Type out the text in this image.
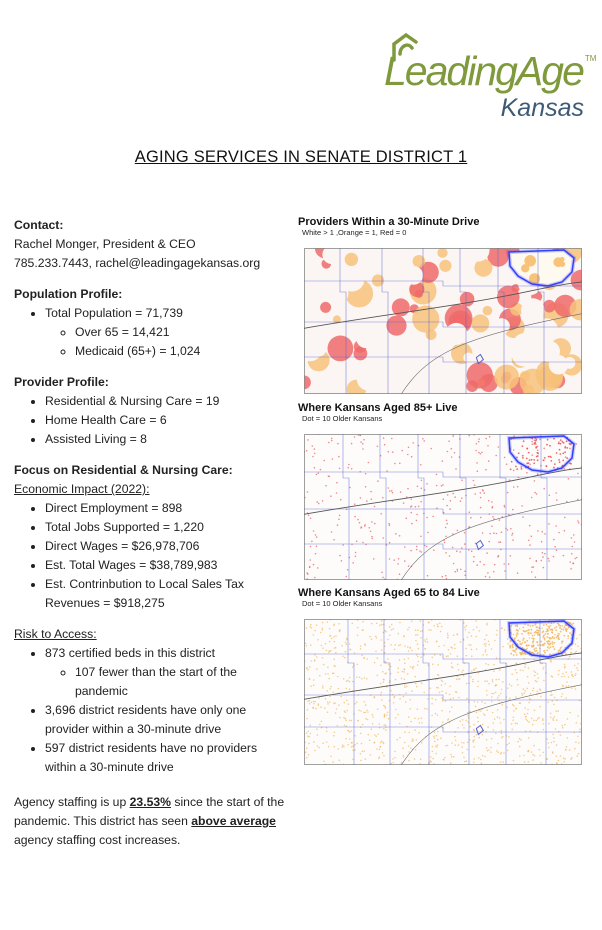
LeadingAge ™
Kansas
AGING SERVICES IN SENATE DISTRICT 1
Contact:
Rachel Monger, President & CEO
785.233.7443, rachel@leadingagekansas.org
Population Profile:
• Total Population = 71,739
◦ Over 65 = 14,421
◦ Medicaid (65+) = 1,024
Provider Profile:
• Residential & Nursing Care = 19
• Home Health Care = 6
• Assisted Living = 8
Focus on Residential & Nursing Care:
Economic Impact (2022):
• Direct Employment = 898
• Total Jobs Supported = 1,220
• Direct Wages = $26,978,706
• Est. Total Wages = $38,789,983
• Est. Contrinbution to Local Sales Tax Revenues = $918,275
Risk to Access:
• 873 certified beds in this district
◦ 107 fewer than the start of the pandemic
• 3,696 district residents have only one provider within a 30-minute drive
• 597 district residents have no providers within a 30-minute drive
Agency staffing is up 23.53% since the start of the pandemic. This district has seen above average agency staffing cost increases.
Providers Within a 30-Minute Drive
White > 1 ,Orange = 1, Red = 0
Where Kansans Aged 85+ Live
Dot = 10 Older Kansans
Where Kansans Aged 65 to 84 Live
Dot = 10 Older Kansans
